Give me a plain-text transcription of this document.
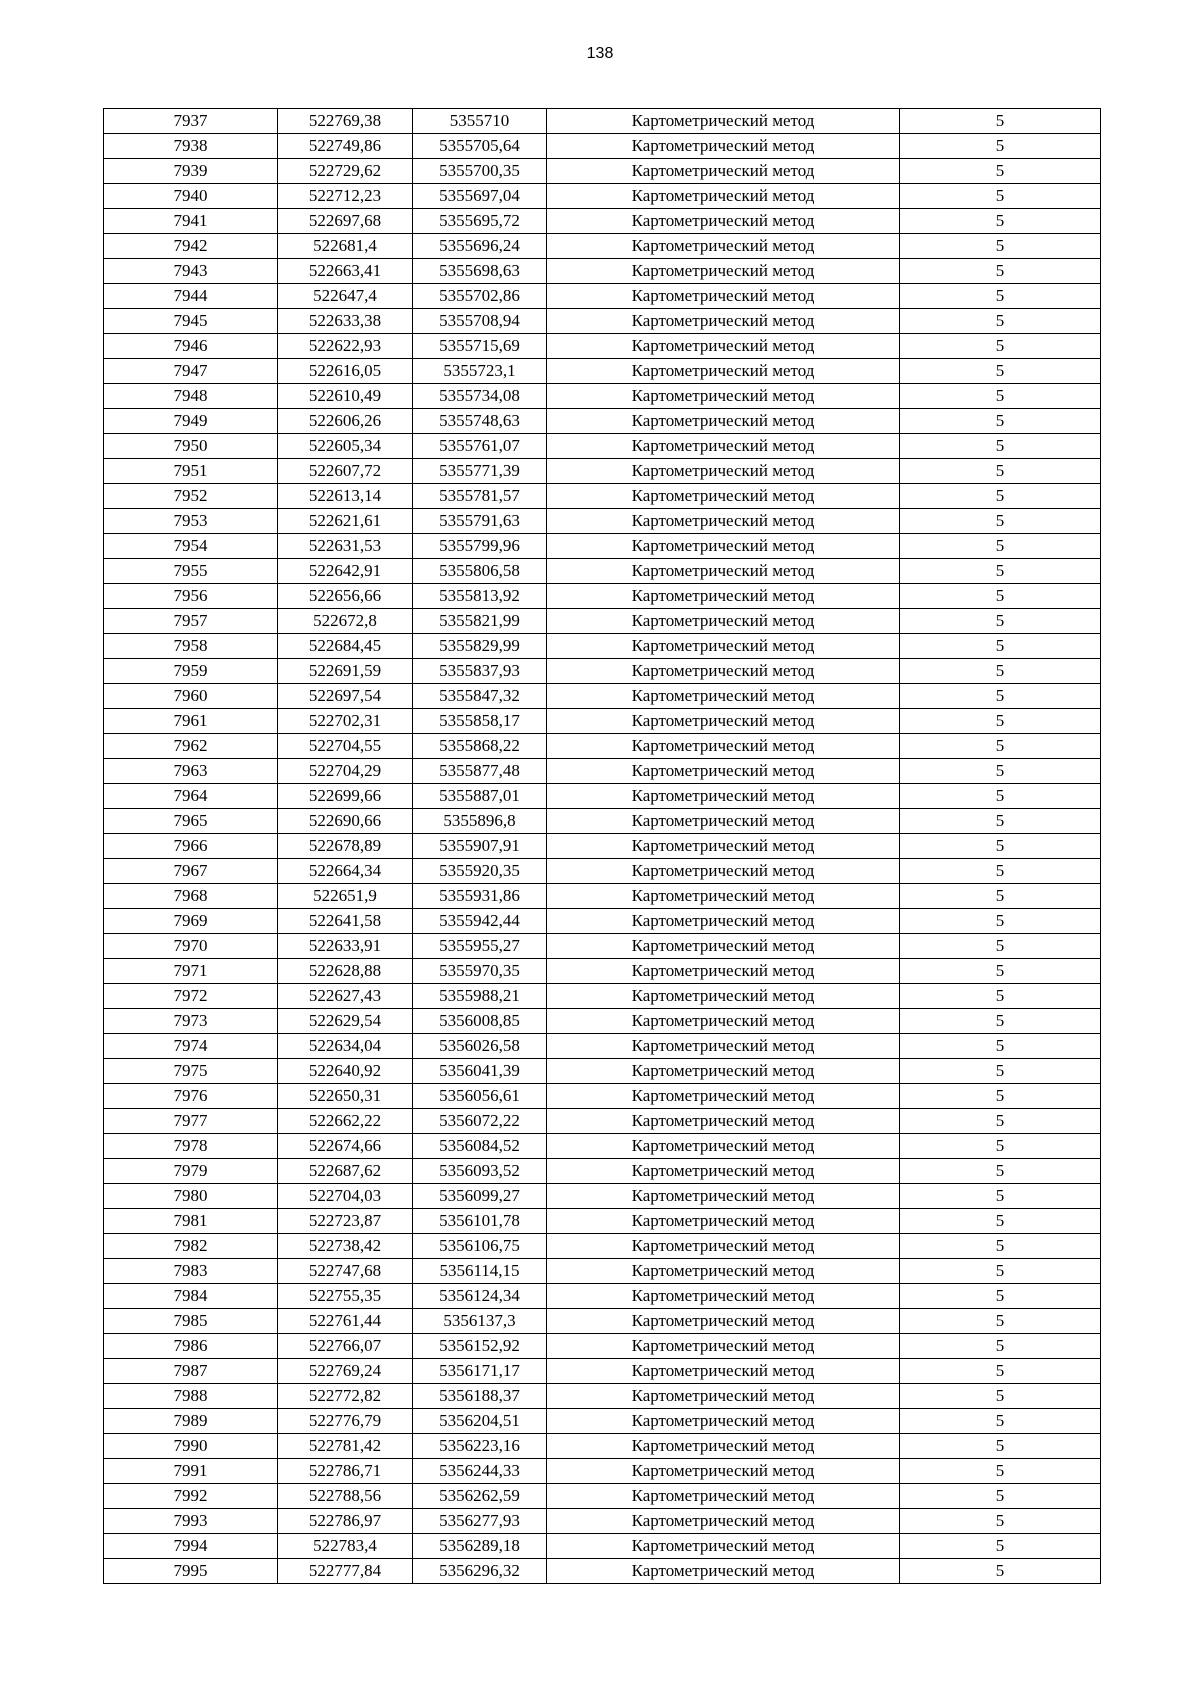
138
7937	522769,38	5355710	Картометрический метод	5
7938	522749,86	5355705,64	Картометрический метод	5
7939	522729,62	5355700,35	Картометрический метод	5
7940	522712,23	5355697,04	Картометрический метод	5
7941	522697,68	5355695,72	Картометрический метод	5
7942	522681,4	5355696,24	Картометрический метод	5
7943	522663,41	5355698,63	Картометрический метод	5
7944	522647,4	5355702,86	Картометрический метод	5
7945	522633,38	5355708,94	Картометрический метод	5
7946	522622,93	5355715,69	Картометрический метод	5
7947	522616,05	5355723,1	Картометрический метод	5
7948	522610,49	5355734,08	Картометрический метод	5
7949	522606,26	5355748,63	Картометрический метод	5
7950	522605,34	5355761,07	Картометрический метод	5
7951	522607,72	5355771,39	Картометрический метод	5
7952	522613,14	5355781,57	Картометрический метод	5
7953	522621,61	5355791,63	Картометрический метод	5
7954	522631,53	5355799,96	Картометрический метод	5
7955	522642,91	5355806,58	Картометрический метод	5
7956	522656,66	5355813,92	Картометрический метод	5
7957	522672,8	5355821,99	Картометрический метод	5
7958	522684,45	5355829,99	Картометрический метод	5
7959	522691,59	5355837,93	Картометрический метод	5
7960	522697,54	5355847,32	Картометрический метод	5
7961	522702,31	5355858,17	Картометрический метод	5
7962	522704,55	5355868,22	Картометрический метод	5
7963	522704,29	5355877,48	Картометрический метод	5
7964	522699,66	5355887,01	Картометрический метод	5
7965	522690,66	5355896,8	Картометрический метод	5
7966	522678,89	5355907,91	Картометрический метод	5
7967	522664,34	5355920,35	Картометрический метод	5
7968	522651,9	5355931,86	Картометрический метод	5
7969	522641,58	5355942,44	Картометрический метод	5
7970	522633,91	5355955,27	Картометрический метод	5
7971	522628,88	5355970,35	Картометрический метод	5
7972	522627,43	5355988,21	Картометрический метод	5
7973	522629,54	5356008,85	Картометрический метод	5
7974	522634,04	5356026,58	Картометрический метод	5
7975	522640,92	5356041,39	Картометрический метод	5
7976	522650,31	5356056,61	Картометрический метод	5
7977	522662,22	5356072,22	Картометрический метод	5
7978	522674,66	5356084,52	Картометрический метод	5
7979	522687,62	5356093,52	Картометрический метод	5
7980	522704,03	5356099,27	Картометрический метод	5
7981	522723,87	5356101,78	Картометрический метод	5
7982	522738,42	5356106,75	Картометрический метод	5
7983	522747,68	5356114,15	Картометрический метод	5
7984	522755,35	5356124,34	Картометрический метод	5
7985	522761,44	5356137,3	Картометрический метод	5
7986	522766,07	5356152,92	Картометрический метод	5
7987	522769,24	5356171,17	Картометрический метод	5
7988	522772,82	5356188,37	Картометрический метод	5
7989	522776,79	5356204,51	Картометрический метод	5
7990	522781,42	5356223,16	Картометрический метод	5
7991	522786,71	5356244,33	Картометрический метод	5
7992	522788,56	5356262,59	Картометрический метод	5
7993	522786,97	5356277,93	Картометрический метод	5
7994	522783,4	5356289,18	Картометрический метод	5
7995	522777,84	5356296,32	Картометрический метод	5
